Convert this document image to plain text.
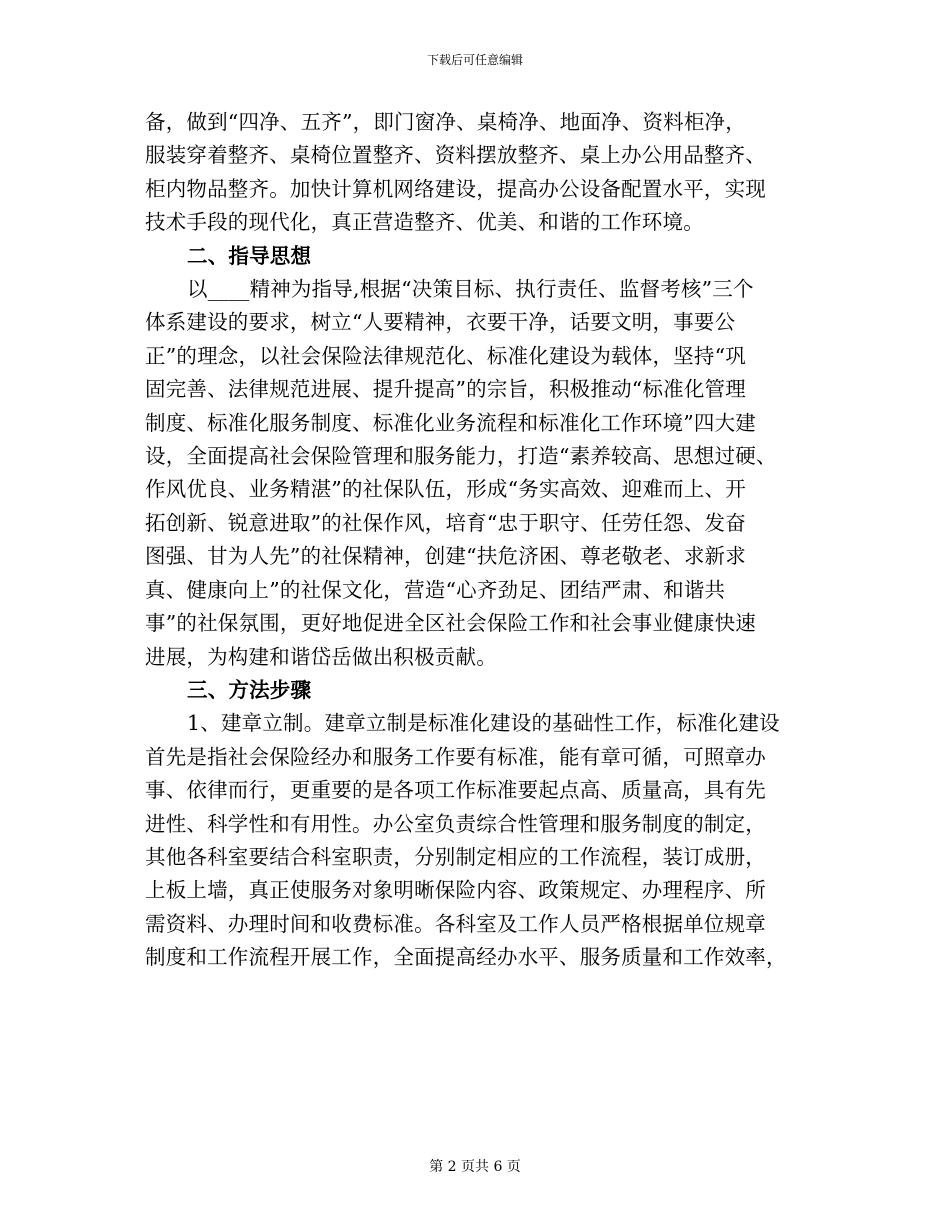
下载后可任意编辑
备，做到“四净、五齐”，即门窗净、桌椅净、地面净、资料柜净，
服装穿着整齐、桌椅位置整齐、资料摆放整齐、桌上办公用品整齐、
柜内物品整齐。加快计算机网络建设，提高办公设备配置水平，实现
技术手段的现代化，真正营造整齐、优美、和谐的工作环境。
二、指导思想
以____精神为指导,根据“决策目标、执行责任、监督考核”三个
体系建设的要求，树立“人要精神，衣要干净，话要文明，事要公
正”的理念，以社会保险法律规范化、标准化建设为载体，坚持“巩
固完善、法律规范进展、提升提高”的宗旨，积极推动“标准化管理
制度、标准化服务制度、标准化业务流程和标准化工作环境”四大建
设，全面提高社会保险管理和服务能力，打造“素养较高、思想过硬、
作风优良、业务精湛”的社保队伍，形成“务实高效、迎难而上、开
拓创新、锐意进取”的社保作风，培育“忠于职守、任劳任怨、发奋
图强、甘为人先”的社保精神，创建“扶危济困、尊老敬老、求新求
真、健康向上”的社保文化，营造“心齐劲足、团结严肃、和谐共
事”的社保氛围，更好地促进全区社会保险工作和社会事业健康快速
进展，为构建和谐岱岳做出积极贡献。
三、方法步骤
1、建章立制。建章立制是标准化建设的基础性工作，标准化建设
首先是指社会保险经办和服务工作要有标准，能有章可循，可照章办
事、依律而行，更重要的是各项工作标准要起点高、质量高，具有先
进性、科学性和有用性。办公室负责综合性管理和服务制度的制定，
其他各科室要结合科室职责，分别制定相应的工作流程，装订成册，
上板上墙，真正使服务对象明晰保险内容、政策规定、办理程序、所
需资料、办理时间和收费标准。各科室及工作人员严格根据单位规章
制度和工作流程开展工作，全面提高经办水平、服务质量和工作效率，
第 2 页共 6 页
